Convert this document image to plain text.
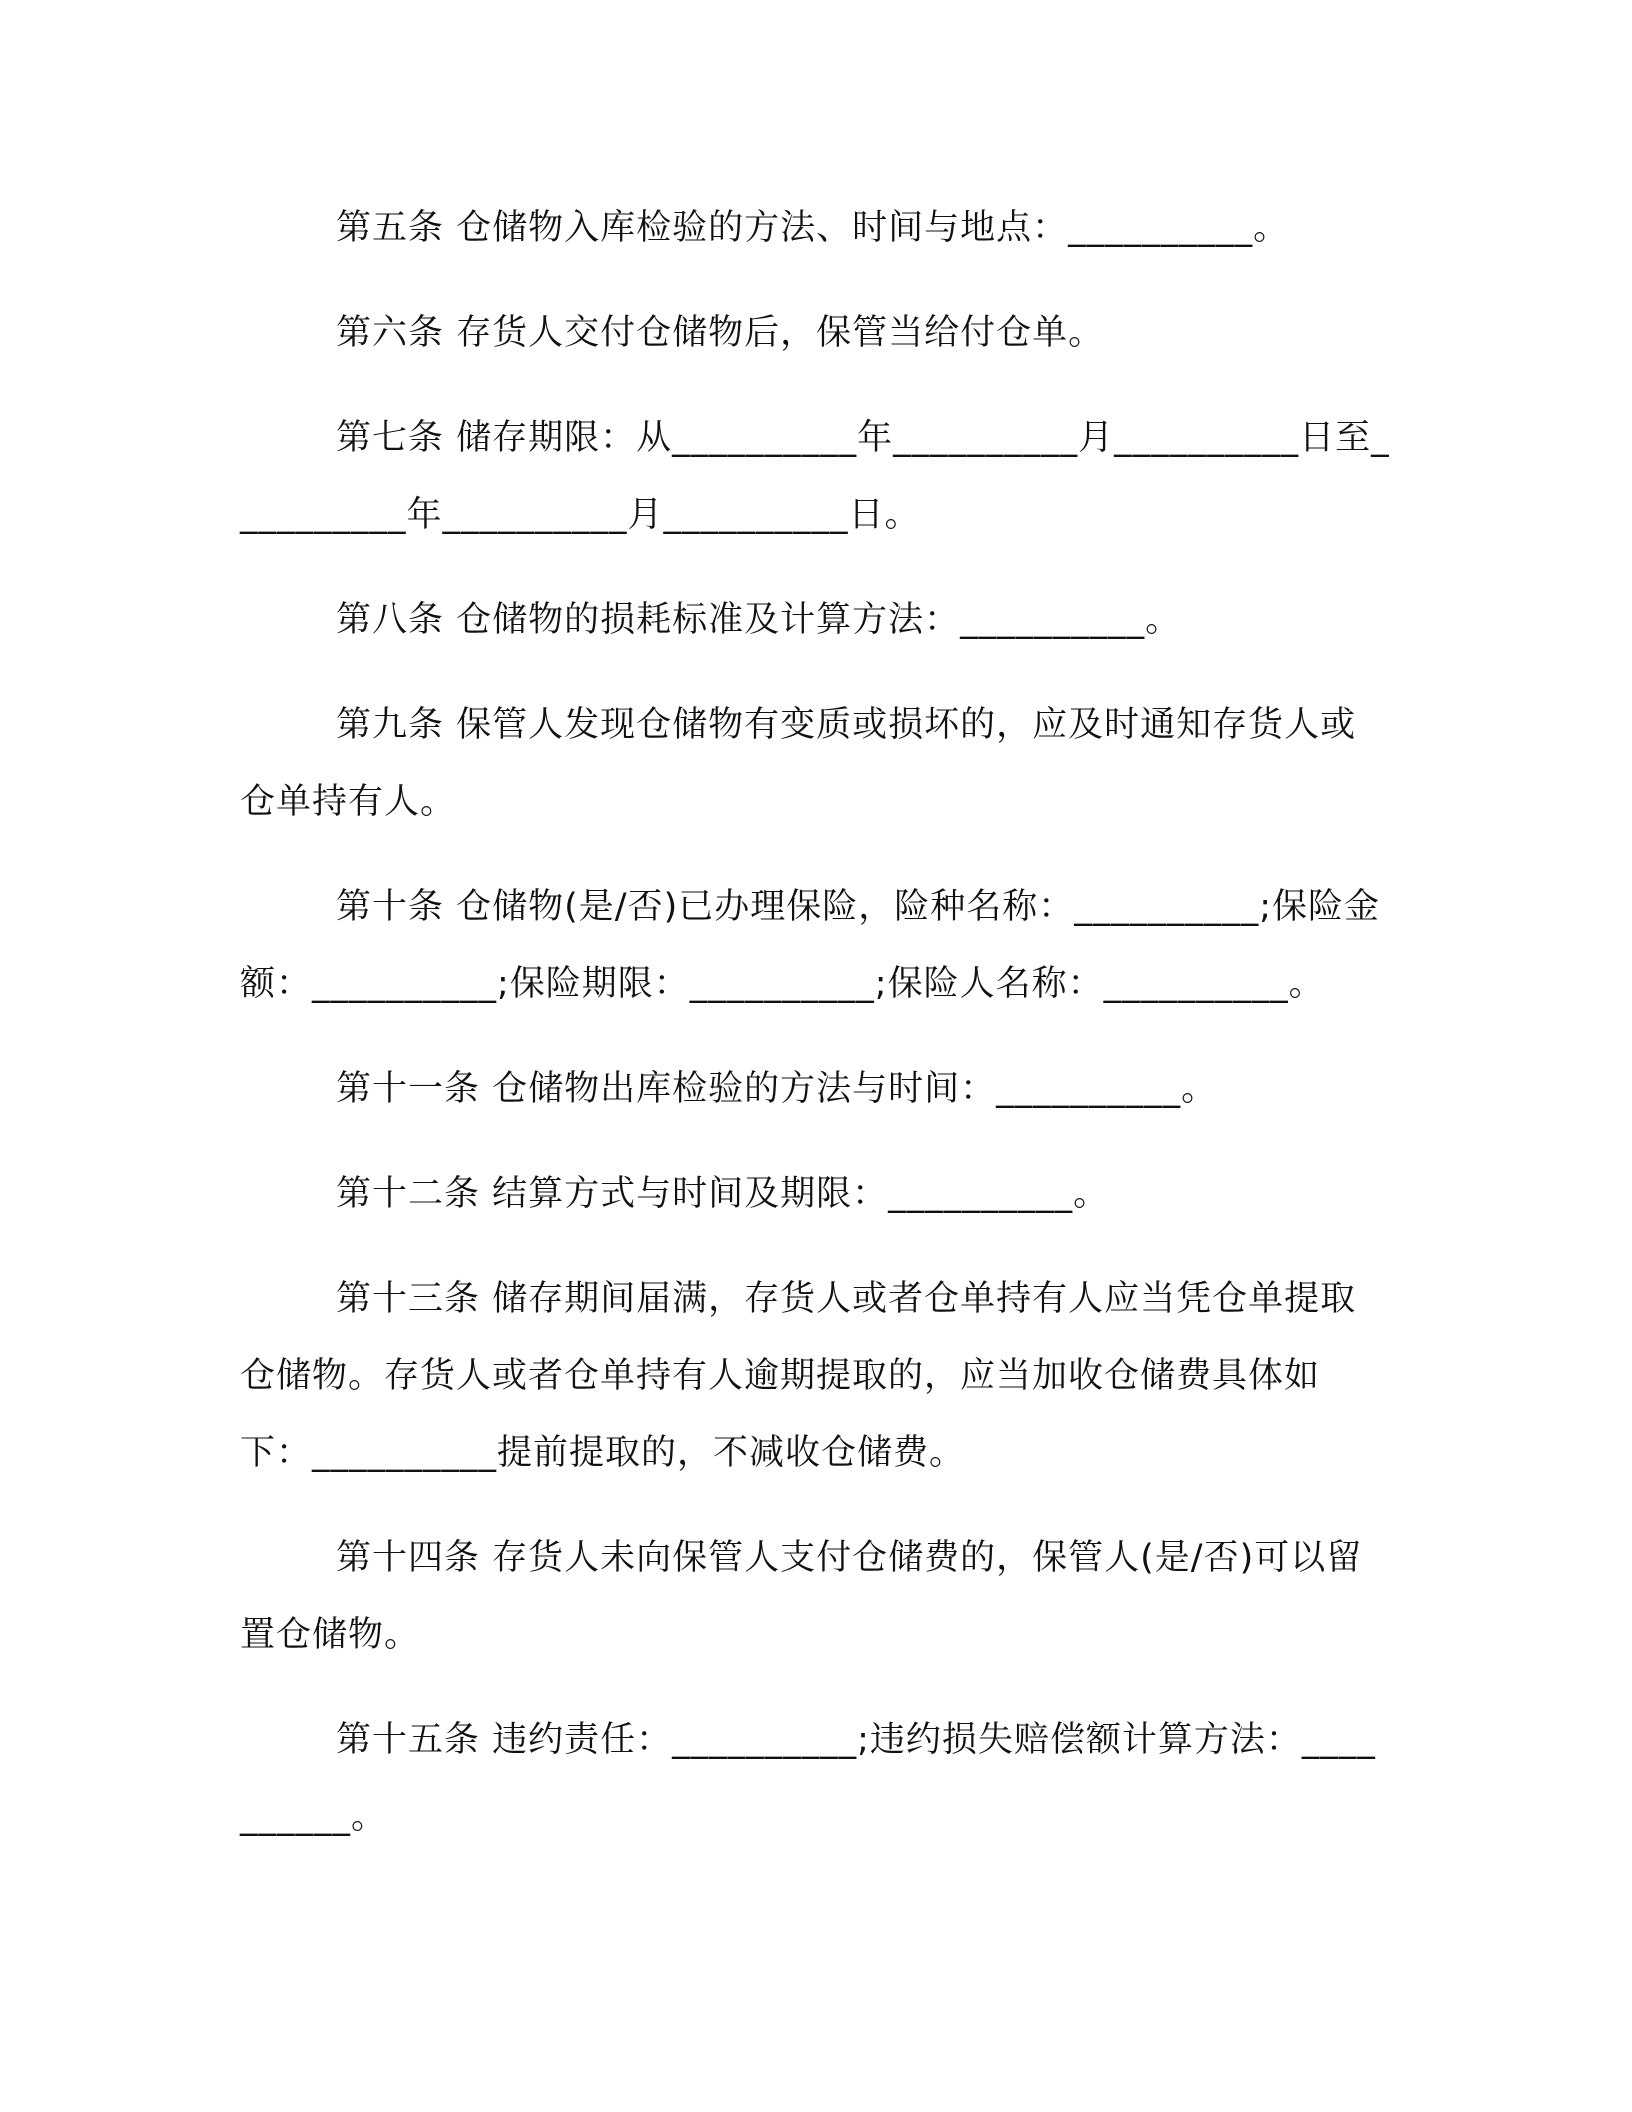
第五条 仓储物入库检验的方法、时间与地点：__________。

第六条 存货人交付仓储物后，保管当给付仓单。

第七条 储存期限：从__________年__________月__________日至__________年__________月__________日。

第八条 仓储物的损耗标准及计算方法：__________。

第九条 保管人发现仓储物有变质或损坏的，应及时通知存货人或仓单持有人。

第十条 仓储物(是/否)已办理保险，险种名称：__________;保险金额：__________;保险期限：__________;保险人名称：__________。

第十一条 仓储物出库检验的方法与时间：__________。

第十二条 结算方式与时间及期限：__________。

第十三条 储存期间届满，存货人或者仓单持有人应当凭仓单提取仓储物。存货人或者仓单持有人逾期提取的，应当加收仓储费具体如下：__________提前提取的，不减收仓储费。

第十四条 存货人未向保管人支付仓储费的，保管人(是/否)可以留置仓储物。

第十五条 违约责任：__________;违约损失赔偿额计算方法：__________。
